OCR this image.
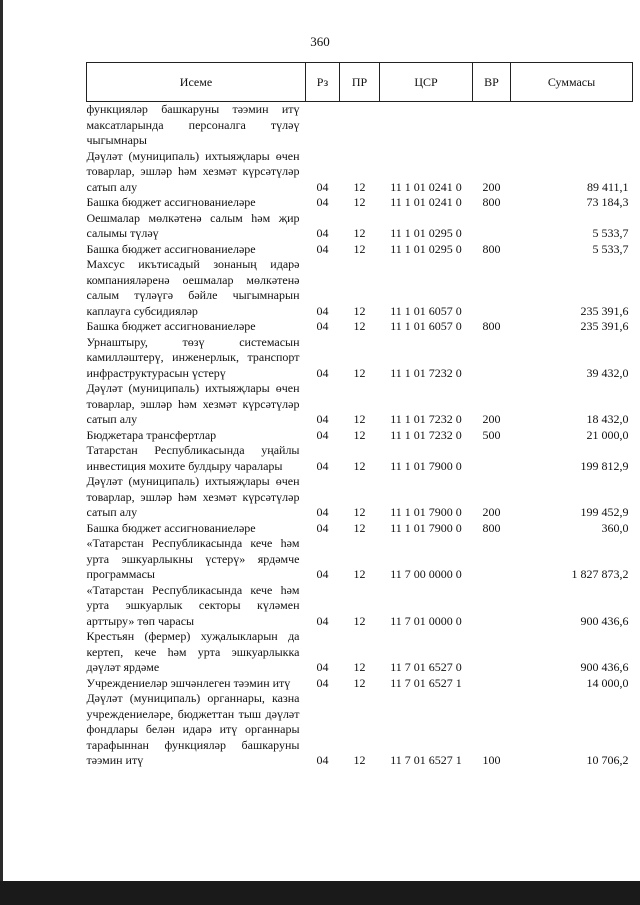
360
Исеме	Рз	ПР	ЦСР	ВР	Суммасы
функцияләр башкаруны тәэмин итү максатларында персоналга түләү чыгымнары					
Дәүләт (муниципаль) ихтыяҗлары өчен товарлар, эшләр һәм хезмәт күрсәтүләр сатып алу	04	12	11 1 01 0241 0	200	89 411,1
Башка бюджет ассигнованиеләре	04	12	11 1 01 0241 0	800	73 184,3
Оешмалар мөлкәтенә салым һәм җир салымы түләү	04	12	11 1 01 0295 0		5 533,7
Башка бюджет ассигнованиеләре	04	12	11 1 01 0295 0	800	5 533,7
Махсус икътисадый зонаның идарә компанияләренә оешмалар мөлкәтенә салым түләүгә бәйле чыгымнарын каплауга субсидияләр	04	12	11 1 01 6057 0		235 391,6
Башка бюджет ассигнованиеләре	04	12	11 1 01 6057 0	800	235 391,6
Урнаштыру, төзү системасын камилләштерү, инженерлык, транспорт инфраструктурасын үстерү	04	12	11 1 01 7232 0		39 432,0
Дәүләт (муниципаль) ихтыяҗлары өчен товарлар, эшләр һәм хезмәт күрсәтүләр сатып алу	04	12	11 1 01 7232 0	200	18 432,0
Бюджетара трансфертлар	04	12	11 1 01 7232 0	500	21 000,0
Татарстан Республикасында уңайлы инвестиция мохите булдыру чаралары	04	12	11 1 01 7900 0		199 812,9
Дәүләт (муниципаль) ихтыяҗлары өчен товарлар, эшләр һәм хезмәт күрсәтүләр сатып алу	04	12	11 1 01 7900 0	200	199 452,9
Башка бюджет ассигнованиеләре	04	12	11 1 01 7900 0	800	360,0
«Татарстан Республикасында кече һәм урта эшкуарлыкны үстерү» ярдәмче программасы	04	12	11 7 00 0000 0		1 827 873,2
«Татарстан Республикасында кече һәм урта эшкуарлык секторы күләмен арттыру» төп чарасы	04	12	11 7 01 0000 0		900 436,6
Крестьян (фермер) хуҗалыкларын да кертеп, кече һәм урта эшкуарлыкка дәүләт ярдәме	04	12	11 7 01 6527 0		900 436,6
Учреждениеләр эшчәнлеген тәэмин итү	04	12	11 7 01 6527 1		14 000,0
Дәүләт (муниципаль) органнары, казна учреждениеләре, бюджеттан тыш дәүләт фондлары белән идарә итү органнары тарафыннан функцияләр башкаруны тәэмин итү	04	12	11 7 01 6527 1	100	10 706,2
